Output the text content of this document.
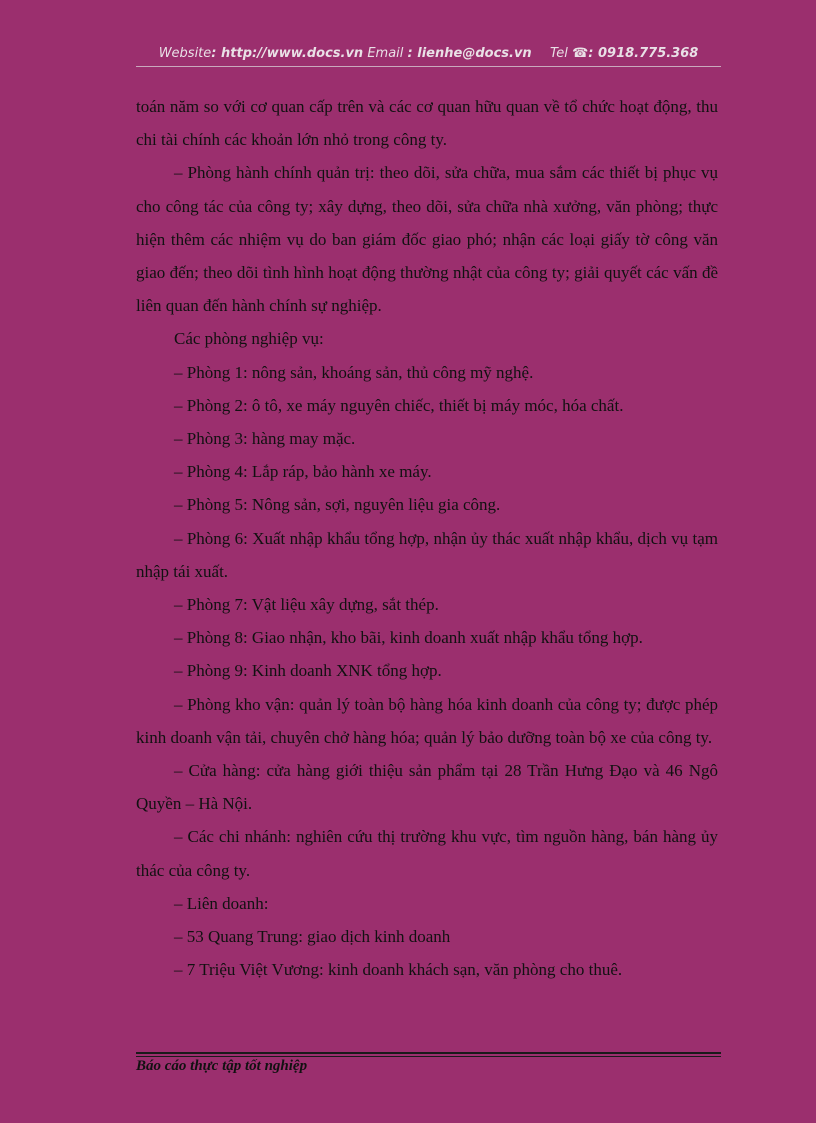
Website: http://www.docs.vn Email : lienhe@docs.vn Tel ☎: 0918.775.368

toán năm so với cơ quan cấp trên và các cơ quan hữu quan về tổ chức hoạt động, thu chi tài chính các khoản lớn nhỏ trong công ty.

– Phòng hành chính quản trị: theo dõi, sửa chữa, mua sắm các thiết bị phục vụ cho công tác của công ty; xây dựng, theo dõi, sửa chữa nhà xưởng, văn phòng; thực hiện thêm các nhiệm vụ do ban giám đốc giao phó; nhận các loại giấy tờ công văn giao đến; theo dõi tình hình hoạt động thường nhật của công ty; giải quyết các vấn đề liên quan đến hành chính sự nghiệp.

Các phòng nghiệp vụ:

– Phòng 1: nông sản, khoáng sản, thủ công mỹ nghệ.

– Phòng 2: ô tô, xe máy nguyên chiếc, thiết bị máy móc, hóa chất.

– Phòng 3: hàng may mặc.

– Phòng 4: Lắp ráp, bảo hành xe máy.

– Phòng 5: Nông sản, sợi, nguyên liệu gia công.

– Phòng 6: Xuất nhập khẩu tổng hợp, nhận ủy thác xuất nhập khẩu, dịch vụ tạm nhập tái xuất.

– Phòng 7: Vật liệu xây dựng, sắt thép.

– Phòng 8: Giao nhận, kho bãi, kinh doanh xuất nhập khẩu tổng hợp.

– Phòng 9: Kinh doanh XNK tổng hợp.

– Phòng kho vận: quản lý toàn bộ hàng hóa kinh doanh của công ty; được phép kinh doanh vận tải, chuyên chở hàng hóa; quản lý bảo dưỡng toàn bộ xe của công ty.

– Cửa hàng: cửa hàng giới thiệu sản phẩm tại 28 Trần Hưng Đạo và 46 Ngô Quyền – Hà Nội.

– Các chi nhánh: nghiên cứu thị trường khu vực, tìm nguồn hàng, bán hàng ủy thác của công ty.

– Liên doanh:

– 53 Quang Trung: giao dịch kinh doanh

– 7 Triệu Việt Vương: kinh doanh khách sạn, văn phòng cho thuê.

Báo cáo thực tập tốt nghiệp
